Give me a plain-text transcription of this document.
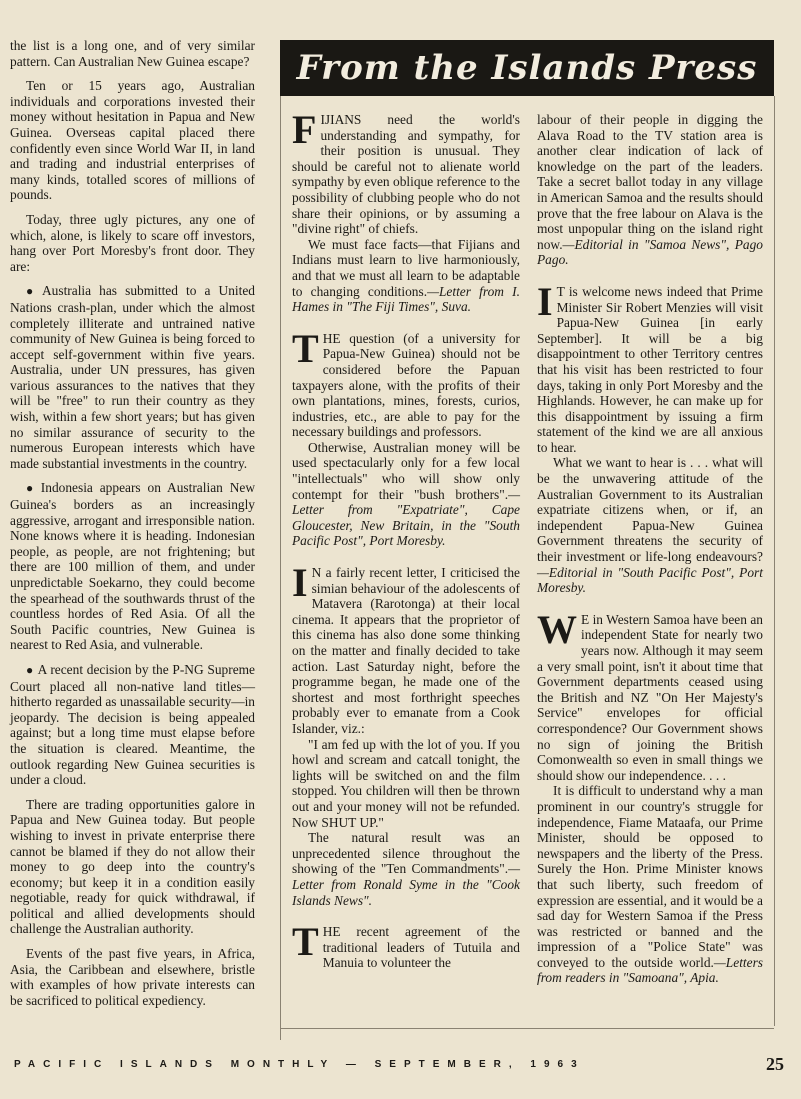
the list is a long one, and of very similar pattern. Can Australian New Guinea escape?

Ten or 15 years ago, Australian individuals and corporations invested their money without hesitation in Papua and New Guinea. Overseas capital placed there confidently even since World War II, in land and trading and industrial enterprises of many kinds, totalled scores of millions of pounds.

Today, three ugly pictures, any one of which, alone, is likely to scare off investors, hang over Port Moresby's front door. They are:

● Australia has submitted to a United Nations crash-plan, under which the almost completely illiterate and untrained native community of New Guinea is being forced to accept self-government within five years. Australia, under UN pressures, has given various assurances to the natives that they will be "free" to run their country as they wish, within a few short years; but has given no similar assurance of security to the numerous European interests which have made substantial investments in the country.

● Indonesia appears on Australian New Guinea's borders as an increasingly aggressive, arrogant and irresponsible nation. None knows where it is heading. Indonesian people, as people, are not frightening; but there are 100 million of them, and under unpredictable Soekarno, they could become the spearhead of the southwards thrust of the countless hordes of Red Asia. Of all the South Pacific countries, New Guinea is nearest to Red Asia, and vulnerable.

● A recent decision by the P-NG Supreme Court placed all non-native land titles—hitherto regarded as unassailable security—in jeopardy. The decision is being appealed against; but a long time must elapse before the situation is cleared. Meantime, the outlook regarding New Guinea securities is under a cloud.

There are trading opportunities galore in Papua and New Guinea today. But people wishing to invest in private enterprise there cannot be blamed if they do not allow their money to go deep into the country's economy; but keep it in a condition easily negotiable, ready for quick withdrawal, if political and allied developments should challenge the Australian authority.

Events of the past five years, in Africa, Asia, the Caribbean and elsewhere, bristle with examples of how private interests can be sacrificed to political expediency.

From the Islands Press

FIJIANS need the world's understanding and sympathy, for their position is unusual. They should be careful not to alienate world sympathy by even oblique reference to the possibility of clubbing people who do not share their opinions, or by assuming a "divine right" of chiefs.

We must face facts—that Fijians and Indians must learn to live harmoniously, and that we must all learn to be adaptable to changing conditions.—Letter from I. Hames in "The Fiji Times", Suva.

THE question (of a university for Papua-New Guinea) should not be considered before the Papuan taxpayers alone, with the profits of their own plantations, mines, forests, curios, industries, etc., are able to pay for the necessary buildings and professors.

Otherwise, Australian money will be used spectacularly only for a few local "intellectuals" who will show only contempt for their "bush brothers".—Letter from "Expatriate", Cape Gloucester, New Britain, in the "South Pacific Post", Port Moresby.

I N a fairly recent letter, I criticised the simian behaviour of the adolescents of Matavera (Rarotonga) at their local cinema. It appears that the proprietor of this cinema has also done some thinking on the matter and finally decided to take action. Last Saturday night, before the programme began, he made one of the shortest and most forthright speeches probably ever to emanate from a Cook Islander, viz.:

"I am fed up with the lot of you. If you howl and scream and catcall tonight, the lights will be switched on and the film stopped. You children will then be thrown out and your money will not be refunded. Now SHUT UP."

The natural result was an unprecedented silence throughout the showing of the "Ten Commandments".—Letter from Ronald Syme in the "Cook Islands News".

THE recent agreement of the traditional leaders of Tutuila and Manuia to volunteer the

labour of their people in digging the Alava Road to the TV station area is another clear indication of lack of knowledge on the part of the leaders. Take a secret ballot today in any village in American Samoa and the results should prove that the free labour on Alava is the most unpopular thing on the island right now.—Editorial in "Samoa News", Pago Pago.

I T is welcome news indeed that Prime Minister Sir Robert Menzies will visit Papua-New Guinea [in early September]. It will be a big disappointment to other Territory centres that his visit has been restricted to four days, taking in only Port Moresby and the Highlands. However, he can make up for this disappointment by issuing a firm statement of the kind we are all anxious to hear.

What we want to hear is . . . what will be the unwavering attitude of the Australian Government to its Australian expatriate citizens when, or if, an independent Papua-New Guinea Government threatens the security of their investment or life-long endeavours?—Editorial in "South Pacific Post", Port Moresby.

W E in Western Samoa have been an independent State for nearly two years now. Although it may seem a very small point, isn't it about time that Government departments ceased using the British and NZ "On Her Majesty's Service" envelopes for official correspondence? Our Government shows no sign of joining the British Comonwealth so even in small things we should show our independence. . . .

It is difficult to understand why a man prominent in our country's struggle for independence, Fiame Mataafa, our Prime Minister, should be opposed to newspapers and the liberty of the Press. Surely the Hon. Prime Minister knows that such liberty, such freedom of expression are essential, and it would be a sad day for Western Samoa if the Press was restricted or banned and the impression of a "Police State" was conveyed to the outside world.—Letters from readers in "Samoana", Apia.

PACIFIC ISLANDS MONTHLY — SEPTEMBER, 1963	25
